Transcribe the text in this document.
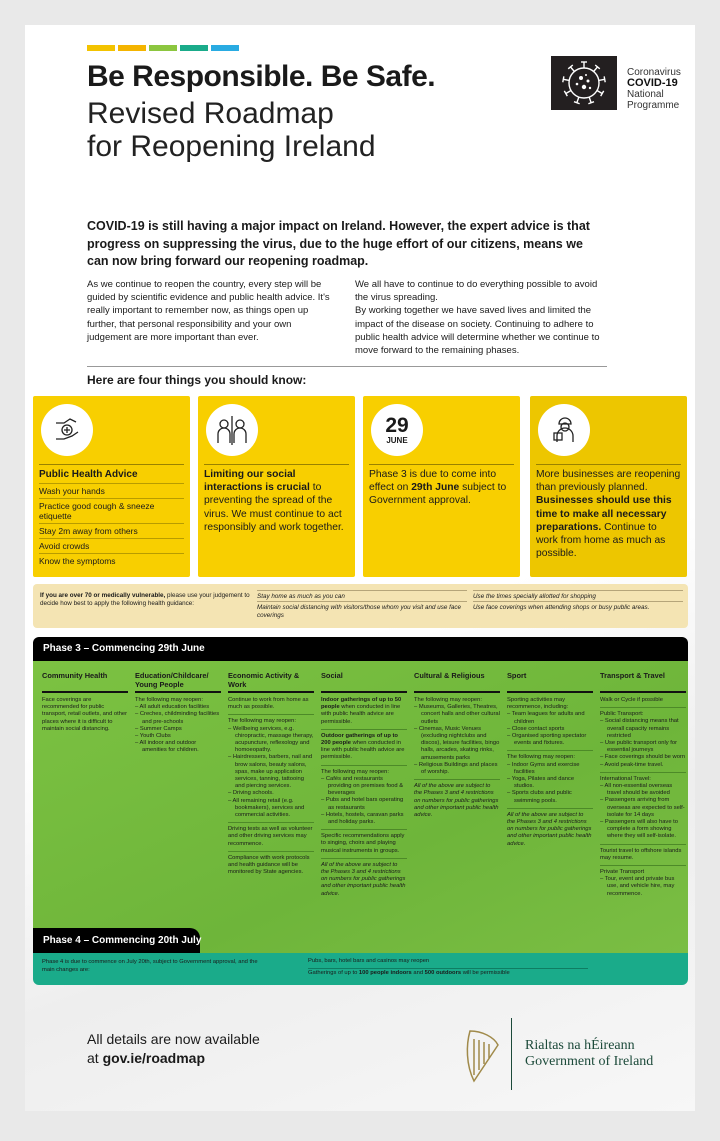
Be Responsible. Be Safe.
Revised Roadmap
for Reopening Ireland
Coronavirus
COVID-19
National
Programme
COVID-19 is still having a major impact on Ireland. However, the expert advice is that progress on suppressing the virus, due to the huge effort of our citizens, means we can now bring forward our reopening roadmap.
As we continue to reopen the country, every step will be guided by scientific evidence and public health advice. It's really important to remember now, as things open up further, that personal responsibility and your own judgement are more important than ever.
We all have to continue to do everything possible to avoid the virus spreading.
By working together we have saved lives and limited the impact of the disease on society. Continuing to adhere to public health advice will determine whether we continue to move forward to the remaining phases.
Here are four things you should know:
Public Health Advice
Wash your hands
Practice good cough & sneeze etiquette
Stay 2m away from others
Avoid crowds
Know the symptoms
Limiting our social interactions is crucial to preventing the spread of the virus. We must continue to act responsibly and work together.
29
JUNE
Phase 3 is due to come into effect on 29th June subject to Government approval.
More businesses are reopening than previously planned. Businesses should use this time to make all necessary preparations. Continue to work from home as much as possible.
If you are over 70 or medically vulnerable, please use your judgement to decide how best to apply the following health guidance:
Stay home as much as you can
Maintain social distancing with visitors/those whom you visit and use face coverings
Use the times specially allotted for shopping
Use face coverings when attending shops or busy public areas.
Phase 3 – Commencing 29th June
Community Health
Face coverings are recommended for public transport, retail outlets, and other places where it is difficult to maintain social distancing.
Education/Childcare/ Young People
The following may reopen:
– All adult education facilities
– Creches, childminding facilities and pre-schools
– Summer Camps
– Youth Clubs
– All indoor and outdoor amenities for children.
Economic Activity & Work
Continue to work from home as much as possible.
The following may reopen:
– Wellbeing services, e.g. chiropractic, massage therapy, acupuncture, reflexology and homoeopathy.
– Hairdressers, barbers, nail and brow salons, beauty salons, spas, make up application services, tanning, tattooing and piercing services.
– Driving schools.
– All remaining retail (e.g. bookmakers), services and commercial activities.
Driving tests as well as volunteer and other driving services may recommence.
Compliance with work protocols and health guidance will be monitored by State agencies.
Social
Indoor gatherings of up to 50 people when conducted in line with public health advice are permissible.
Outdoor gatherings of up to 200 people when conducted in line with public health advice are permissible.
The following may reopen:
– Cafés and restaurants providing on premises food & beverages
– Pubs and hotel bars operating as restaurants
– Hotels, hostels, caravan parks and holiday parks.
Specific recommendations apply to singing, choirs and playing musical instruments in groups.
All of the above are subject to the Phases 3 and 4 restrictions on numbers for public gatherings and other important public health advice.
Cultural & Religious
The following may reopen:
– Museums, Galleries, Theatres, concert halls and other cultural outlets
– Cinemas, Music Venues (excluding nightclubs and discos), leisure facilities, bingo halls, arcades, skating rinks, amusements parks
– Religious Buildings and places of worship.
All of the above are subject to the Phases 3 and 4 restrictions on numbers for public gatherings and other important public health advice.
Sport
Sporting activities may recommence, including:
– Team leagues for adults and children
– Close contact sports
– Organised sporting spectator events and fixtures.
The following may reopen:
– Indoor Gyms and exercise facilities
– Yoga, Pilates and dance studios.
– Sports clubs and public swimming pools.
All of the above are subject to the Phases 3 and 4 restrictions on numbers for public gatherings and other important public health advice.
Transport & Travel
Walk or Cycle if possible
Public Transport:
– Social distancing means that overall capacity remains restricted
– Use public transport only for essential journeys
– Face coverings should be worn
– Avoid peak-time travel.
International Travel:
– All non-essential overseas travel should be avoided
– Passengers arriving from overseas are expected to self-isolate for 14 days
– Passengers will also have to complete a form showing where they will self-isolate.
Tourist travel to offshore islands may resume.
Private Transport
– Tour, event and private bus use, and vehicle hire, may recommence.
Phase 4 is due to commence on July 20th, subject to Government approval, and the main changes are:
Pubs, bars, hotel bars and casinos may reopen
Gatherings of up to 100 people indoors and 500 outdoors will be permissible
Phase 4 – Commencing 20th July
All details are now available
at gov.ie/roadmap
Rialtas na hÉireann
Government of Ireland
